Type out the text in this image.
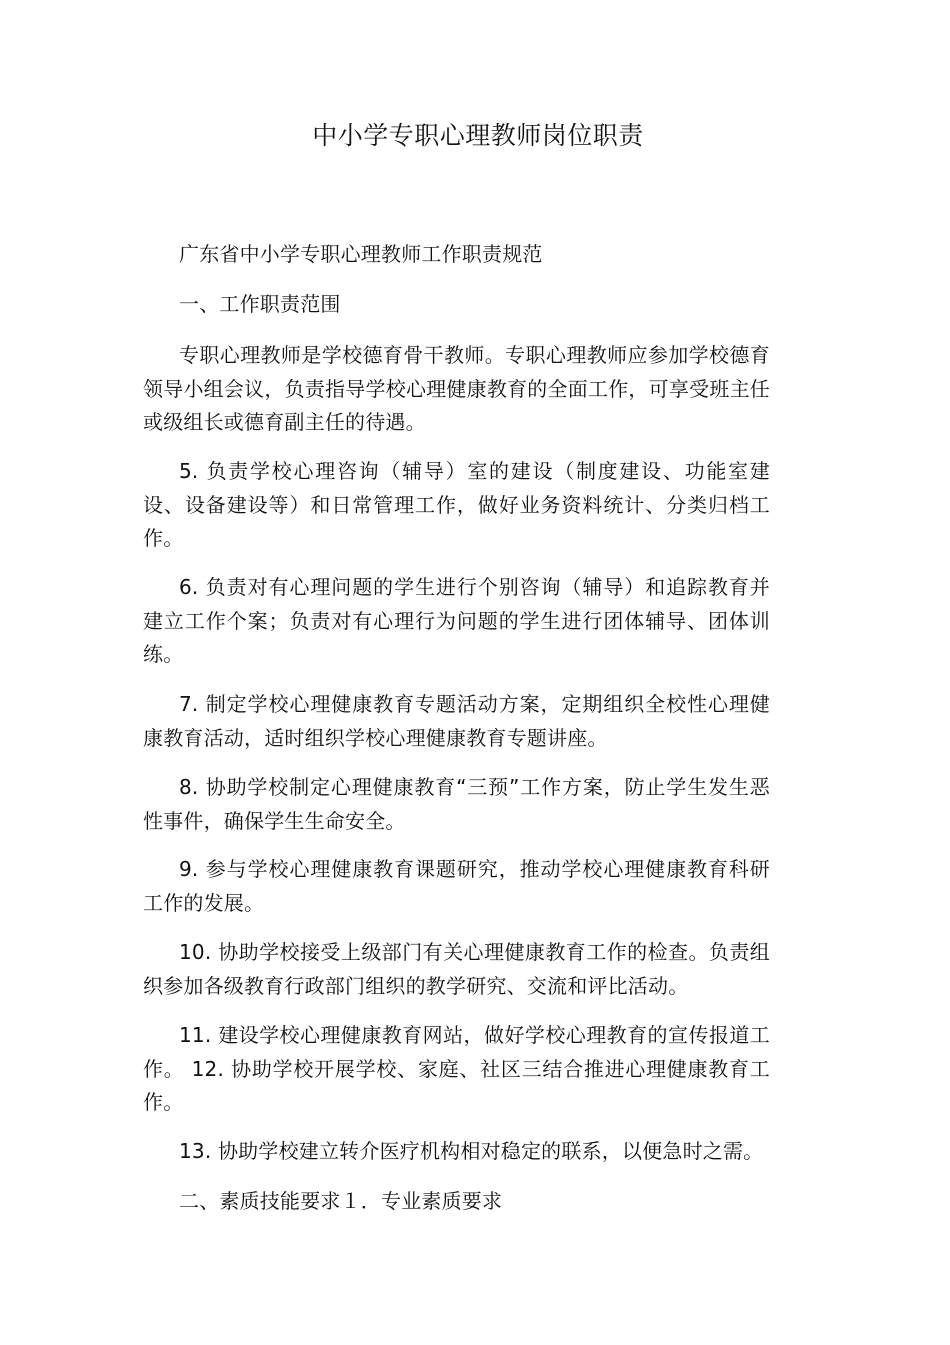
中小学专职心理教师岗位职责

广东省中小学专职心理教师工作职责规范

一、工作职责范围

专职心理教师是学校德育骨干教师。专职心理教师应参加学校德育领导小组会议，负责指导学校心理健康教育的全面工作，可享受班主任或级组长或德育副主任的待遇。

5. 负责学校心理咨询（辅导）室的建设（制度建设、功能室建设、设备建设等）和日常管理工作，做好业务资料统计、分类归档工作。

6. 负责对有心理问题的学生进行个别咨询（辅导）和追踪教育并建立工作个案；负责对有心理行为问题的学生进行团体辅导、团体训练。

7. 制定学校心理健康教育专题活动方案，定期组织全校性心理健康教育活动，适时组织学校心理健康教育专题讲座。

8. 协助学校制定心理健康教育“三预”工作方案，防止学生发生恶性事件，确保学生生命安全。

9. 参与学校心理健康教育课题研究，推动学校心理健康教育科研工作的发展。

10. 协助学校接受上级部门有关心理健康教育工作的检查。负责组织参加各级教育行政部门组织的教学研究、交流和评比活动。

11. 建设学校心理健康教育网站，做好学校心理教育的宣传报道工作。 12. 协助学校开展学校、家庭、社区三结合推进心理健康教育工作。

13. 协助学校建立转介医疗机构相对稳定的联系，以便急时之需。

二、素质技能要求１．专业素质要求
